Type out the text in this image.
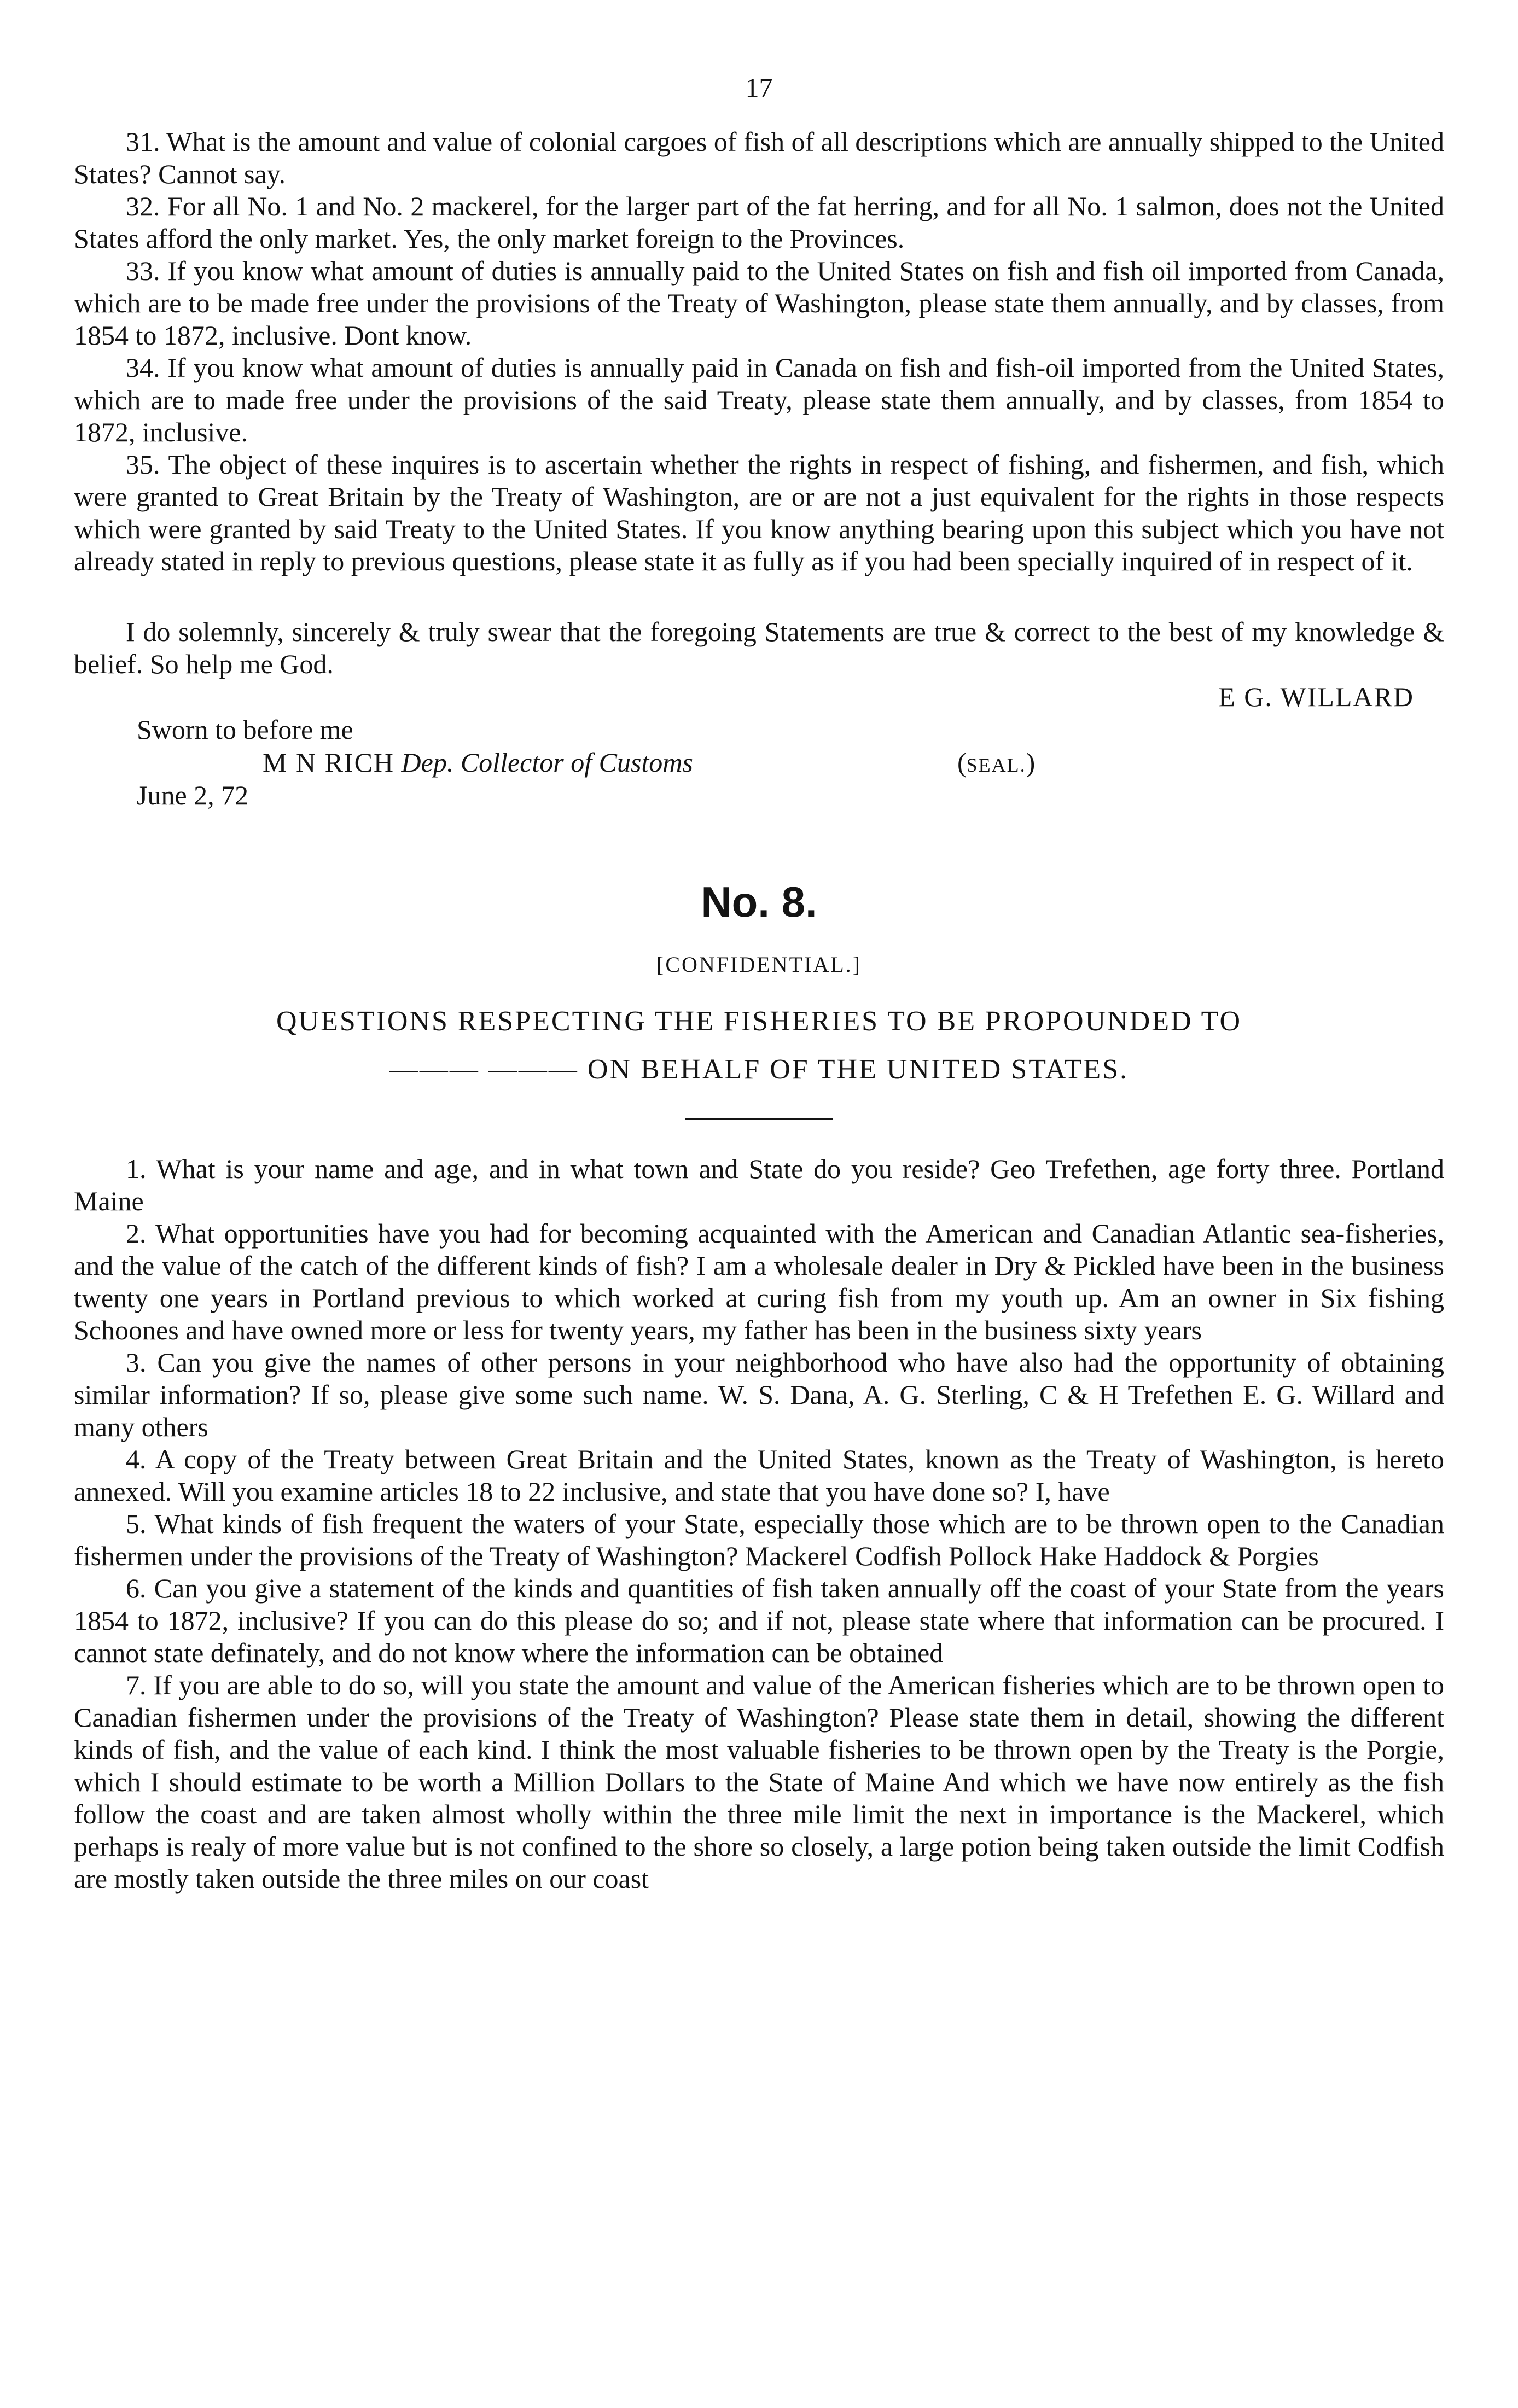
17

31. What is the amount and value of colonial cargoes of fish of all descriptions which are annually shipped to the United States? Cannot say.

32. For all No. 1 and No. 2 mackerel, for the larger part of the fat herring, and for all No. 1 salmon, does not the United States afford the only market. Yes, the only market foreign to the Provinces.

33. If you know what amount of duties is annually paid to the United States on fish and fish oil imported from Canada, which are to be made free under the provisions of the Treaty of Washington, please state them annually, and by classes, from 1854 to 1872, inclusive. Dont know.

34. If you know what amount of duties is annually paid in Canada on fish and fish-oil imported from the United States, which are to made free under the provisions of the said Treaty, please state them annually, and by classes, from 1854 to 1872, inclusive.

35. The object of these inquires is to ascertain whether the rights in respect of fishing, and fishermen, and fish, which were granted to Great Britain by the Treaty of Washington, are or are not a just equivalent for the rights in those respects which were granted by said Treaty to the United States. If you know anything bearing upon this subject which you have not already stated in reply to previous questions, please state it as fully as if you had been specially inquired of in respect of it.

I do solemnly, sincerely & truly swear that the foregoing Statements are true & correct to the best of my knowledge & belief. So help me God.

E G. WILLARD
Sworn to before me
M N RICH Dep. Collector of Customs	(SEAL.)
June 2, 72
No. 8.
[CONFIDENTIAL.]
QUESTIONS RESPECTING THE FISHERIES TO BE PROPOUNDED TO
——— ——— ON BEHALF OF THE UNITED STATES.

1. What is your name and age, and in what town and State do you reside? Geo Trefethen, age forty three. Portland Maine

2. What opportunities have you had for becoming acquainted with the American and Canadian Atlantic sea-fisheries, and the value of the catch of the different kinds of fish? I am a wholesale dealer in Dry & Pickled have been in the business twenty one years in Portland previous to which worked at curing fish from my youth up. Am an owner in Six fishing Schoones and have owned more or less for twenty years, my father has been in the business sixty years

3. Can you give the names of other persons in your neighborhood who have also had the opportunity of obtaining similar information? If so, please give some such name. W. S. Dana, A. G. Sterling, C & H Trefethen E. G. Willard and many others

4. A copy of the Treaty between Great Britain and the United States, known as the Treaty of Washington, is hereto annexed. Will you examine articles 18 to 22 inclusive, and state that you have done so? I, have

5. What kinds of fish frequent the waters of your State, especially those which are to be thrown open to the Canadian fishermen under the provisions of the Treaty of Washington? Mackerel Codfish Pollock Hake Haddock & Porgies

6. Can you give a statement of the kinds and quantities of fish taken annually off the coast of your State from the years 1854 to 1872, inclusive? If you can do this please do so; and if not, please state where that information can be procured. I cannot state definately, and do not know where the information can be obtained

7. If you are able to do so, will you state the amount and value of the American fisheries which are to be thrown open to Canadian fishermen under the provisions of the Treaty of Washington? Please state them in detail, showing the different kinds of fish, and the value of each kind. I think the most valuable fisheries to be thrown open by the Treaty is the Porgie, which I should estimate to be worth a Million Dollars to the State of Maine And which we have now entirely as the fish follow the coast and are taken almost wholly within the three mile limit the next in importance is the Mackerel, which perhaps is realy of more value but is not confined to the shore so closely, a large potion being taken outside the limit Codfish are mostly taken outside the three miles on our coast
